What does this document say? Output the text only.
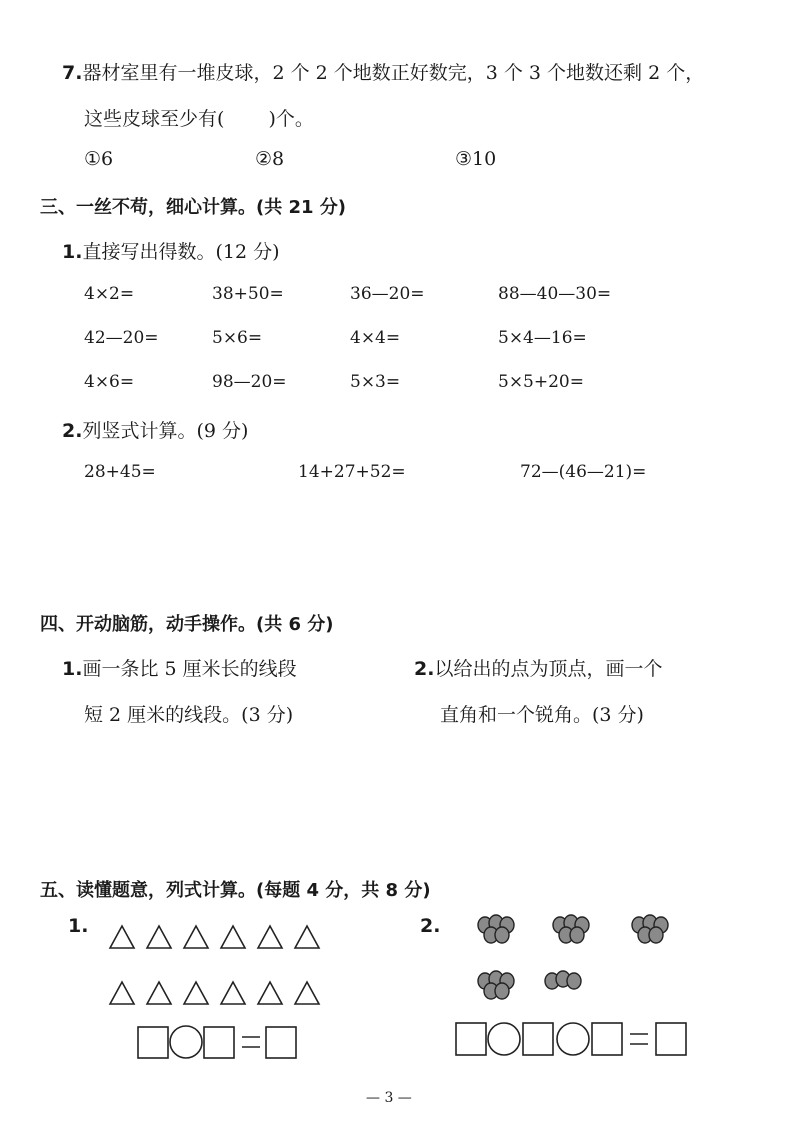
7.器材室里有一堆皮球，2 个 2 个地数正好数完，3 个 3 个地数还剩 2 个，
这些皮球至少有(　　 )个。
①6	②8	③10
三、一丝不苟，细心计算。(共 21 分)
1.直接写出得数。(12 分)
4×2=	38+50=	36—20=	88—40—30=
42—20=	5×6=	4×4=	5×4—16=
4×6=	98—20=	5×3=	5×5+20=
2.列竖式计算。(9 分)
28+45=	14+27+52=	72—(46—21)=
四、开动脑筋，动手操作。(共 6 分)
1.画一条比 5 厘米长的线段
短 2 厘米的线段。(3 分)
2.以给出的点为顶点，画一个
直角和一个锐角。(3 分)
五、读懂题意，列式计算。(每题 4 分，共 8 分)
1.	2.
— 3 —
